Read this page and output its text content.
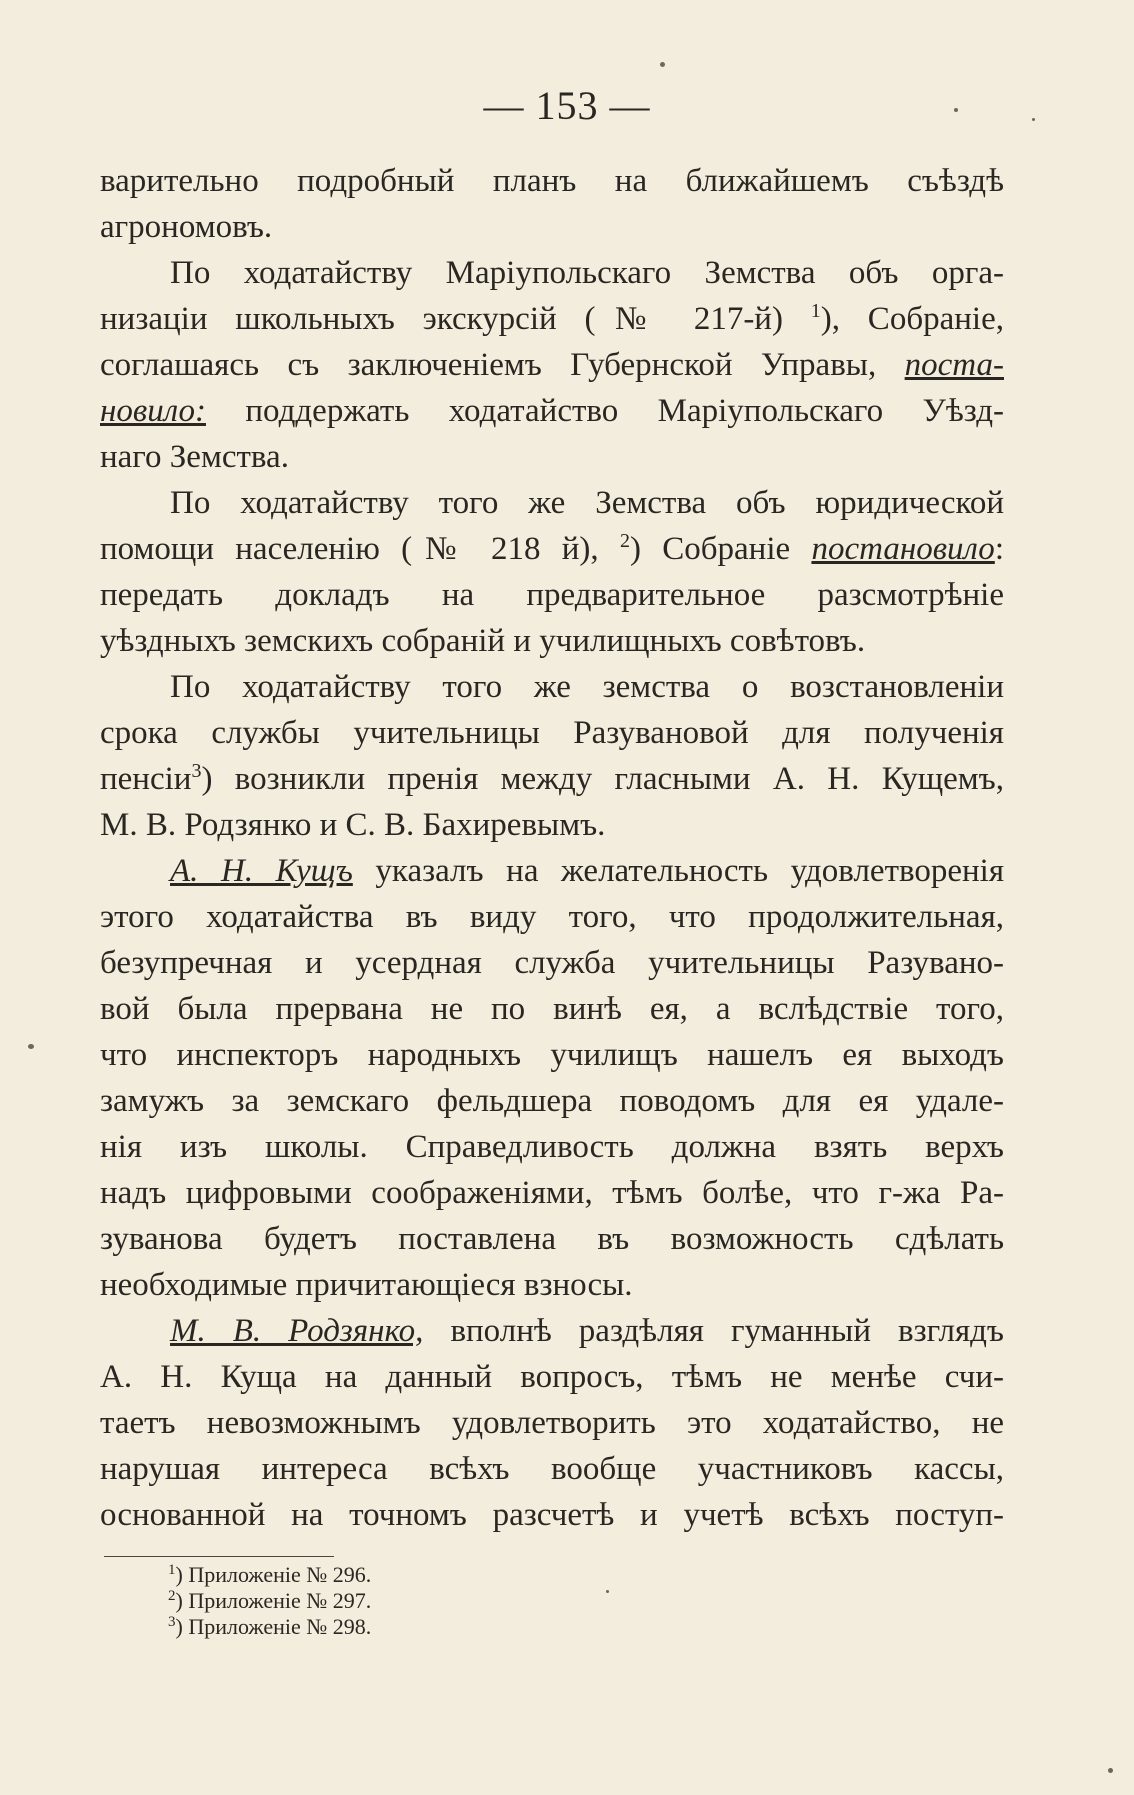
— 153 —
варительно подробный планъ на ближайшемъ съѣздѣ
агрономовъ.
По ходатайству Маріупольскаго Земства объ орга-
низаціи школьныхъ экскурсій (№ 217-й) $^1$), Собраніе,
соглашаясь съ заключеніемъ Губернской Управы, поста-
новило: поддержать ходатайство Маріупольскаго Уѣзд-
наго Земства.
По ходатайству того же Земства объ юридической
помощи населенію (№ 218 й), $^2$) Собраніе постановило:
передать докладъ на предварительное разсмотрѣніе
уѣздныхъ земскихъ собраній и училищныхъ совѣтовъ.
По ходатайству того же земства о возстановленіи
срока службы учительницы Разувановой для полученія
пенсіи$^3$) возникли пренія между гласными А. Н. Кущемъ,
М. В. Родзянко и С. В. Бахиревымъ.
А. Н. Кущъ указалъ на желательность удовлетворенія
этого ходатайства въ виду того, что продолжительная,
безупречная и усердная служба учительницы Разувано-
вой была прервана не по винѣ ея, а вслѣдствіе того,
что инспекторъ народныхъ училищъ нашелъ ея выходъ
замужъ за земскаго фельдшера поводомъ для ея удале-
нія изъ школы. Справедливость должна взять верхъ
надъ цифровыми соображеніями, тѣмъ болѣе, что г-жа Ра-
зуванова будетъ поставлена въ возможность сдѣлать
необходимые причитающіеся взносы.
М. В. Родзянко, вполнѣ раздѣляя гуманный взглядъ
А. Н. Куща на данный вопросъ, тѣмъ не менѣе счи-
таетъ невозможнымъ удовлетворить это ходатайство, не
нарушая интереса всѣхъ вообще участниковъ кассы,
основанной на точномъ разсчетѣ и учетѣ всѣхъ поступ-
$^1$) Приложеніе № 296.
$^2$) Приложеніе № 297.
$^3$) Приложеніе № 298.
